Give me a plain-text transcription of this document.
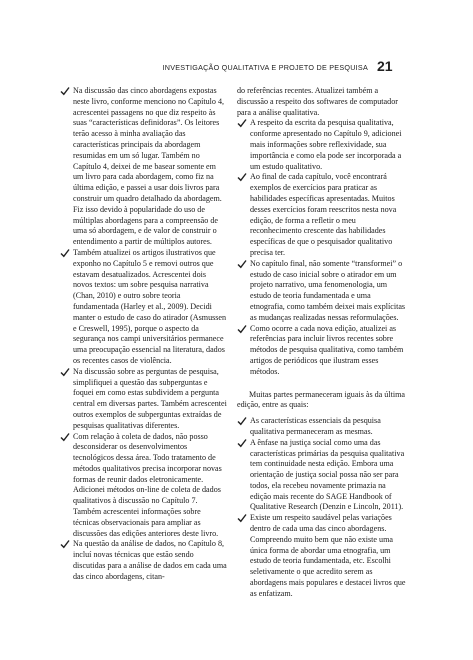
INVESTIGAÇÃO QUALITATIVA E PROJETO DE PESQUISA 21

Na discussão das cinco abordagens expostas neste livro, conforme menciono no Capítulo 4, acrescentei passagens no que diz respeito às suas “características definidoras”. Os leitores terão acesso à minha avaliação das características principais da abordagem resumidas em um só lugar. Também no Capítulo 4, deixei de me basear somente em um livro para cada abordagem, como fiz na última edição, e passei a usar dois livros para construir um quadro detalhado da abordagem. Fiz isso devido à popularidade do uso de múltiplas abordagens para a compreensão de uma só abordagem, e de valor de construir o entendimento a partir de múltiplos autores.

Também atualizei os artigos ilustrativos que exponho no Capítulo 5 e removi outros que estavam desatualizados. Acrescentei dois novos textos: um sobre pesquisa narrativa (Chan, 2010) e outro sobre teoria fundamentada (Harley et al., 2009). Decidi manter o estudo de caso do atirador (Asmussen e Creswell, 1995), porque o aspecto da segurança nos campi universitários permanece uma preocupação essencial na literatura, dados os recentes casos de violência.

Na discussão sobre as perguntas de pesquisa, simplifiquei a questão das subperguntas e foquei em como estas subdividem a pergunta central em diversas partes. Também acrescentei outros exemplos de subperguntas extraídas de pesquisas qualitativas diferentes.

Com relação à coleta de dados, não posso desconsiderar os desenvolvimentos tecnológicos dessa área. Todo tratamento de métodos qualitativos precisa incorporar novas formas de reunir dados eletronicamente. Adicionei métodos on-line de coleta de dados qualitativos à discussão no Capítulo 7. Também acrescentei informações sobre técnicas observacionais para ampliar as discussões das edições anteriores deste livro.

Na questão da análise de dados, no Capítulo 8, incluí novas técnicas que estão sendo discutidas para a análise de dados em cada uma das cinco abordagens, citan-

do referências recentes. Atualizei também a discussão a respeito dos softwares de computador para a análise qualitativa.

A respeito da escrita da pesquisa qualitativa, conforme apresentado no Capítulo 9, adicionei mais informações sobre reflexividade, sua importância e como ela pode ser incorporada a um estudo qualitativo.

Ao final de cada capítulo, você encontrará exemplos de exercícios para praticar as habilidades específicas apresentadas. Muitos desses exercícios foram reescritos nesta nova edição, de forma a refletir o meu reconhecimento crescente das habilidades específicas de que o pesquisador qualitativo precisa ter.

No capítulo final, não somente “transformei” o estudo de caso inicial sobre o atirador em um projeto narrativo, uma fenomenologia, um estudo de teoria fundamentada e uma etnografia, como também deixei mais explícitas as mudanças realizadas nessas reformulações.

Como ocorre a cada nova edição, atualizei as referências para incluir livros recentes sobre métodos de pesquisa qualitativa, como também artigos de periódicos que ilustram esses métodos.

Muitas partes permaneceram iguais às da última edição, entre as quais:

As características essenciais da pesquisa qualitativa permaneceram as mesmas.

A ênfase na justiça social como uma das características primárias da pesquisa qualitativa tem continuidade nesta edição. Embora uma orientação de justiça social possa não ser para todos, ela recebeu novamente primazia na edição mais recente do SAGE Handbook of Qualitative Research (Denzin e Lincoln, 2011).

Existe um respeito saudável pelas variações dentro de cada uma das cinco abordagens. Compreendo muito bem que não existe uma única forma de abordar uma etnografia, um estudo de teoria fundamentada, etc. Escolhi seletivamente o que acredito serem as abordagens mais populares e destacei livros que as enfatizam.
